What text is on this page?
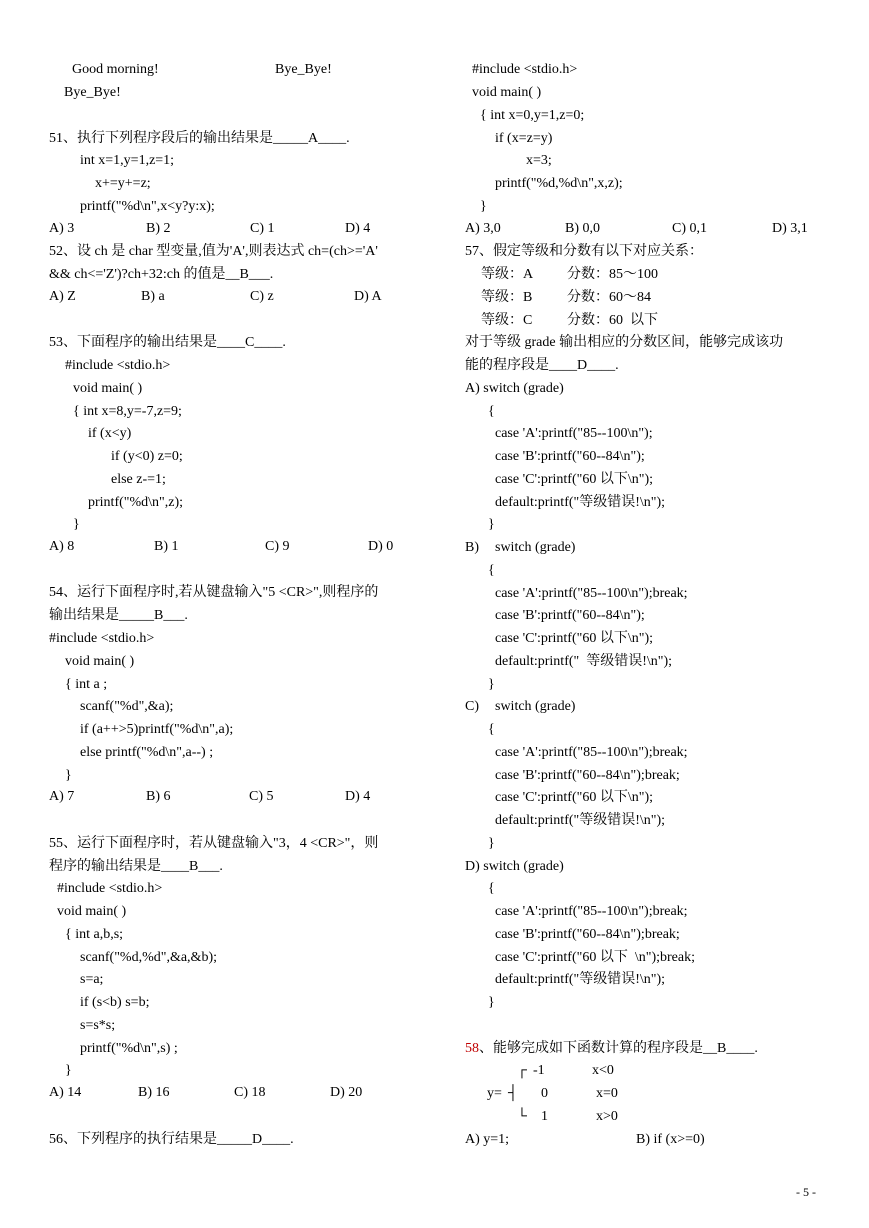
Good morning!	Bye_Bye!
Bye_Bye!
51、执行下列程序段后的输出结果是_____A____.
int x=1,y=1,z=1;
x+=y+=z;
printf("%d\n",x<y?y:x);
A) 3	B) 2	C) 1	D) 4
52、设 ch 是 char 型变量,值为'A',则表达式 ch=(ch>='A'
&& ch<='Z')?ch+32:ch 的值是__B___.
A) Z	B) a	C) z	D) A
53、下面程序的输出结果是____C____.
#include <stdio.h>
void main( )
{ int x=8,y=-7,z=9;
if (x<y)
if (y<0) z=0;
else z-=1;
printf("%d\n",z);
}
A) 8	B) 1	C) 9	D) 0
54、运行下面程序时,若从键盘输入"5 <CR>",则程序的
输出结果是_____B___.
#include <stdio.h>
void main( )
{ int a ;
scanf("%d",&a);
if (a++>5)printf("%d\n",a);
else printf("%d\n",a--) ;
}
A) 7	B) 6	C) 5	D) 4
55、运行下面程序时，若从键盘输入"3，4 <CR>"，则
程序的输出结果是____B___.
#include <stdio.h>
void main( )
{ int a,b,s;
scanf("%d,%d",&a,&b);
s=a;
if (s<b) s=b;
s=s*s;
printf("%d\n",s) ;
}
A) 14	B) 16	C) 18	D) 20
56、下列程序的执行结果是_____D____.
#include <stdio.h>
void main( )
{ int x=0,y=1,z=0;
if (x=z=y)
x=3;
printf("%d,%d\n",x,z);
}
A) 3,0	B) 0,0	C) 0,1	D) 3,1
57、假定等级和分数有以下对应关系：
等级：A 分数：85～100
等级：B 分数：60～84
等级：C 分数：60  以下
对于等级 grade 输出相应的分数区间，能够完成该功
能的程序段是____D____.
A) switch (grade)
{
case 'A':printf("85--100\n");
case 'B':printf("60--84\n");
case 'C':printf("60 以下\n");
default:printf("等级错误!\n");
}
B) switch (grade)
{
case 'A':printf("85--100\n");break;
case 'B':printf("60--84\n");
case 'C':printf("60 以下\n");
default:printf("  等级错误!\n");
}
C) switch (grade)
{
case 'A':printf("85--100\n");break;
case 'B':printf("60--84\n");break;
case 'C':printf("60 以下\n");
default:printf("等级错误!\n");
}
D) switch (grade)
{
case 'A':printf("85--100\n");break;
case 'B':printf("60--84\n");break;
case 'C':printf("60 以下  \n");break;
default:printf("等级错误!\n");
}
58、能够完成如下函数计算的程序段是__B____.
┌ -1	x<0
y= ┤ 0	x=0
└ 1	x>0
A) y=1;	B) if (x>=0)
- 5 -
